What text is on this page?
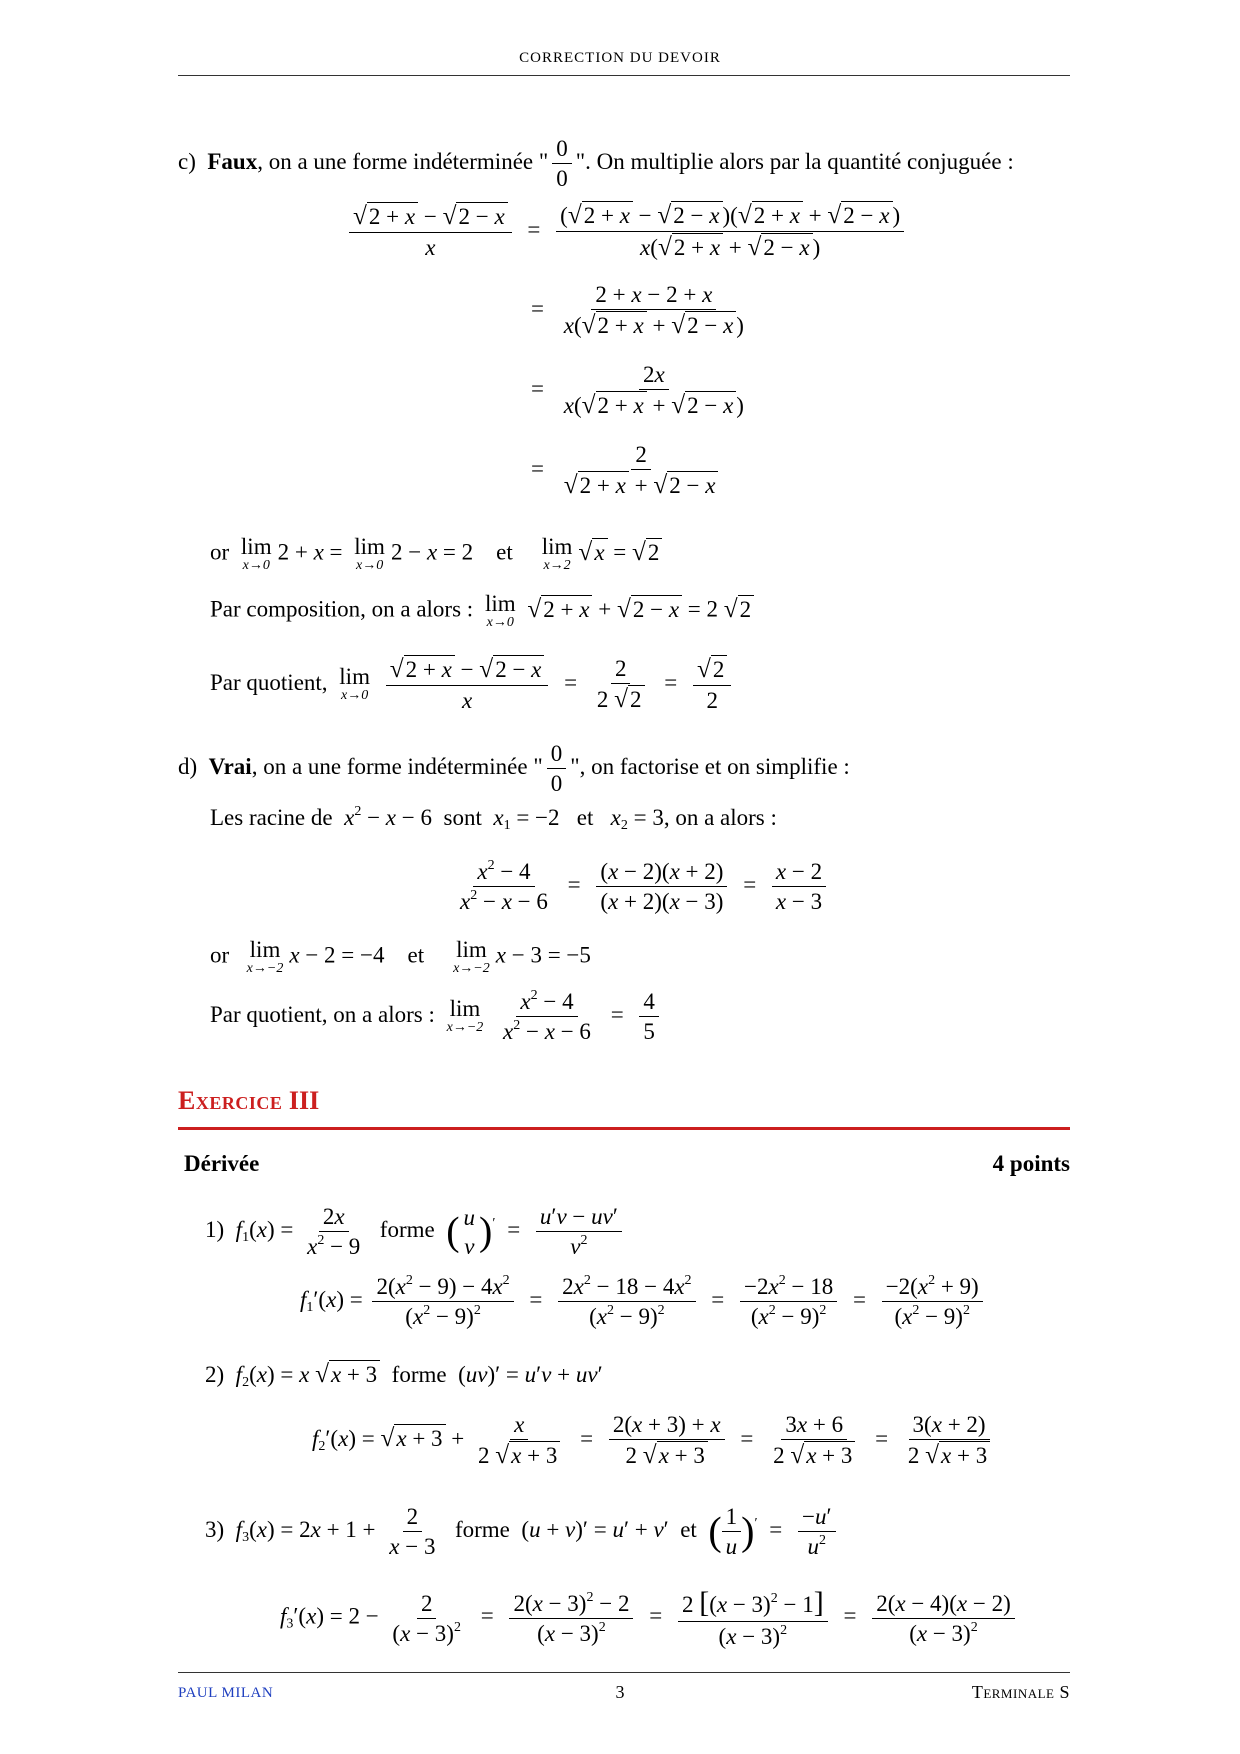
CORRECTION DU DEVOIR
c) Faux, on a une forme indéterminée " $\frac{0}{0}$ ". On multiplie alors par la quantité conjuguée :
$\frac{√2 + x - √2 - x}{x} = \frac{(√2 + x - √2 - x )(√2 + x + √2 - x )}{x(√2 + x + √2 - x )}$
= $\frac{2 + x - 2 + x}{x(√2 + x + √2 - x )}$
= $\frac{2x}{x(√2 + x + √2 - x )}$
= $\frac{2}{√2 + x + √2 - x}$
or lim
x→0
2 + x = lim
x→0
2 − x = 2    et lim
x→2 √x = √2
Par composition, on a alors : lim
x→0 √2 + x + √2 − x = 2 √2
Par quotient, lim
x→0
$\frac{√2 + x - √2 - x}{x} = \frac{2}{2 √2} = \frac{√2}{2}$
d) Vrai, on a une forme indéterminée " $\frac{0}{0}$ ", on factorise et on simplifie :
Les racine de $x^2 - x - 6$  sont $x_1 = -2$   et $x_2 = 3$, on a alors :
$\frac{x^2 - 4}{x^2 - x - 6} = \frac{(x - 2)(x + 2)}{(x + 2)(x - 3)} = \frac{x - 2}{x - 3}$
or lim
x→−2
x − 2 = −4    et lim
x→−2
x − 3 = −5
Par quotient, on a alors : lim
x→−2
$\frac{x^2 - 4}{x^2 - x - 6} = \frac{4}{5}$
Exercice III
Dérivée	4 points
1) $f_1(x) = \frac{2x}{x^2 - 9}$ forme ( u
v )$' = \frac{u'v - uv'}{v^2}$
$f_1'(x) = \frac{2(x^2 - 9) - 4x^2}{(x^2 - 9)^2} = \frac{2x^2 - 18 - 4x^2}{(x^2 - 9)^2} = \frac{-2x^2 - 18}{(x^2 - 9)^2} = \frac{-2(x^2 + 9)}{(x^2 - 9)^2}$
2) $f_2(x) = x$ √x + 3 forme  (uv)′ = u′v + uv′
$f_2'(x) = √x + 3 + \frac{x}{2 √x + 3} = \frac{2(x + 3) + x}{2 √x + 3} = \frac{3x + 6}{2 √x + 3} = \frac{3(x + 2)}{2 √x + 3}$
3) $f_3(x) = 2x + 1 + \frac{2}{x - 3}$ forme  (u + v)′ = u′ + v′  et ( $\frac{1}{u} )' = \frac{-u'}{u^2}$
$f_3'(x) = 2 - \frac{2}{(x - 3)^2} = \frac{2(x - 3)^2 - 2}{(x - 3)^2} = \frac{2 [(x - 3)^2 - 1]}{(x - 3)^2} = \frac{2(x - 4)(x - 2)}{(x - 3)^2}$
PAUL MILAN	3	Terminale S
